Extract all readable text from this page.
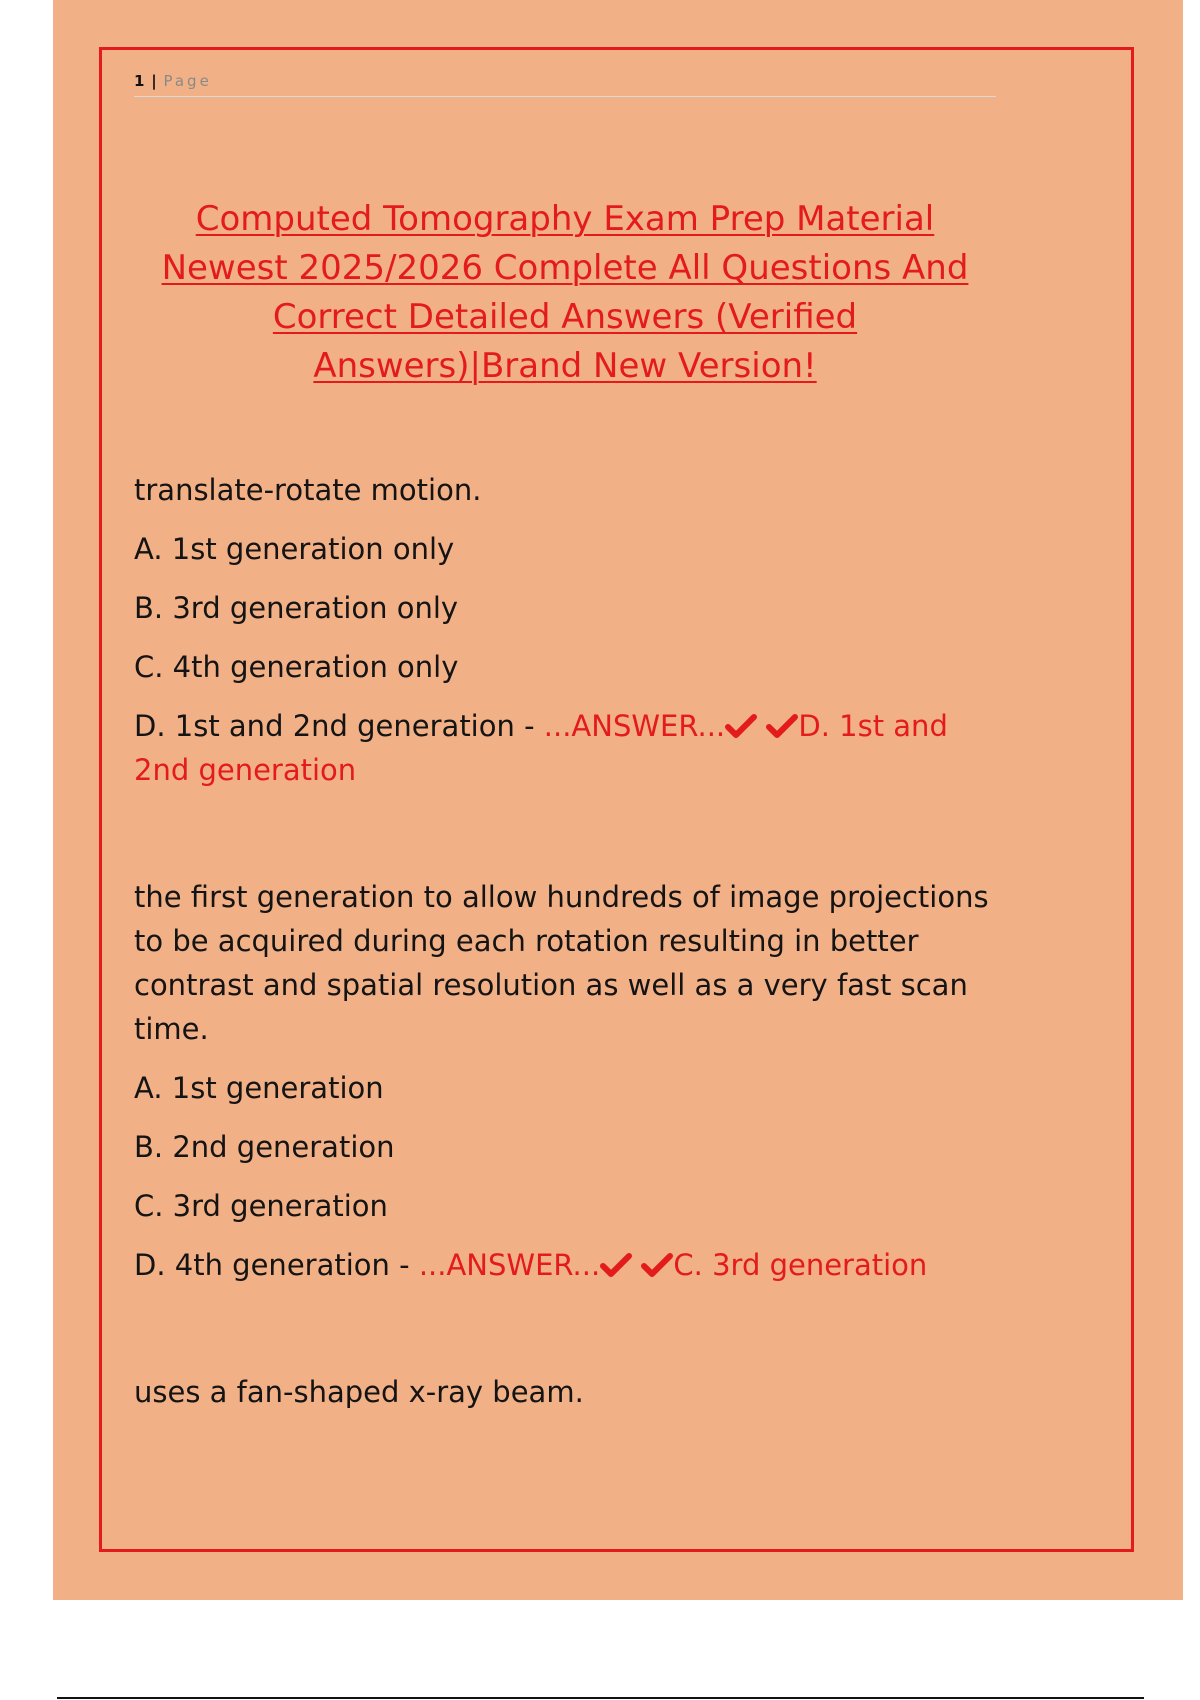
1 | Page
Computed Tomography Exam Prep Material Newest 2025/2026 Complete All Questions And Correct Detailed Answers (Verified Answers)|Brand New Version!

translate-rotate motion.

A. 1st generation only

B. 3rd generation only

C. 4th generation only

D. 1st and 2nd generation - ...ANSWER...
	D. 1st and 2nd generation

the first generation to allow hundreds of image projections to be acquired during each rotation resulting in better contrast and spatial resolution as well as a very fast scan time.

A. 1st generation

B. 2nd generation

C. 3rd generation

D. 4th generation - ...ANSWER...
	C. 3rd generation

uses a fan-shaped x-ray beam.
